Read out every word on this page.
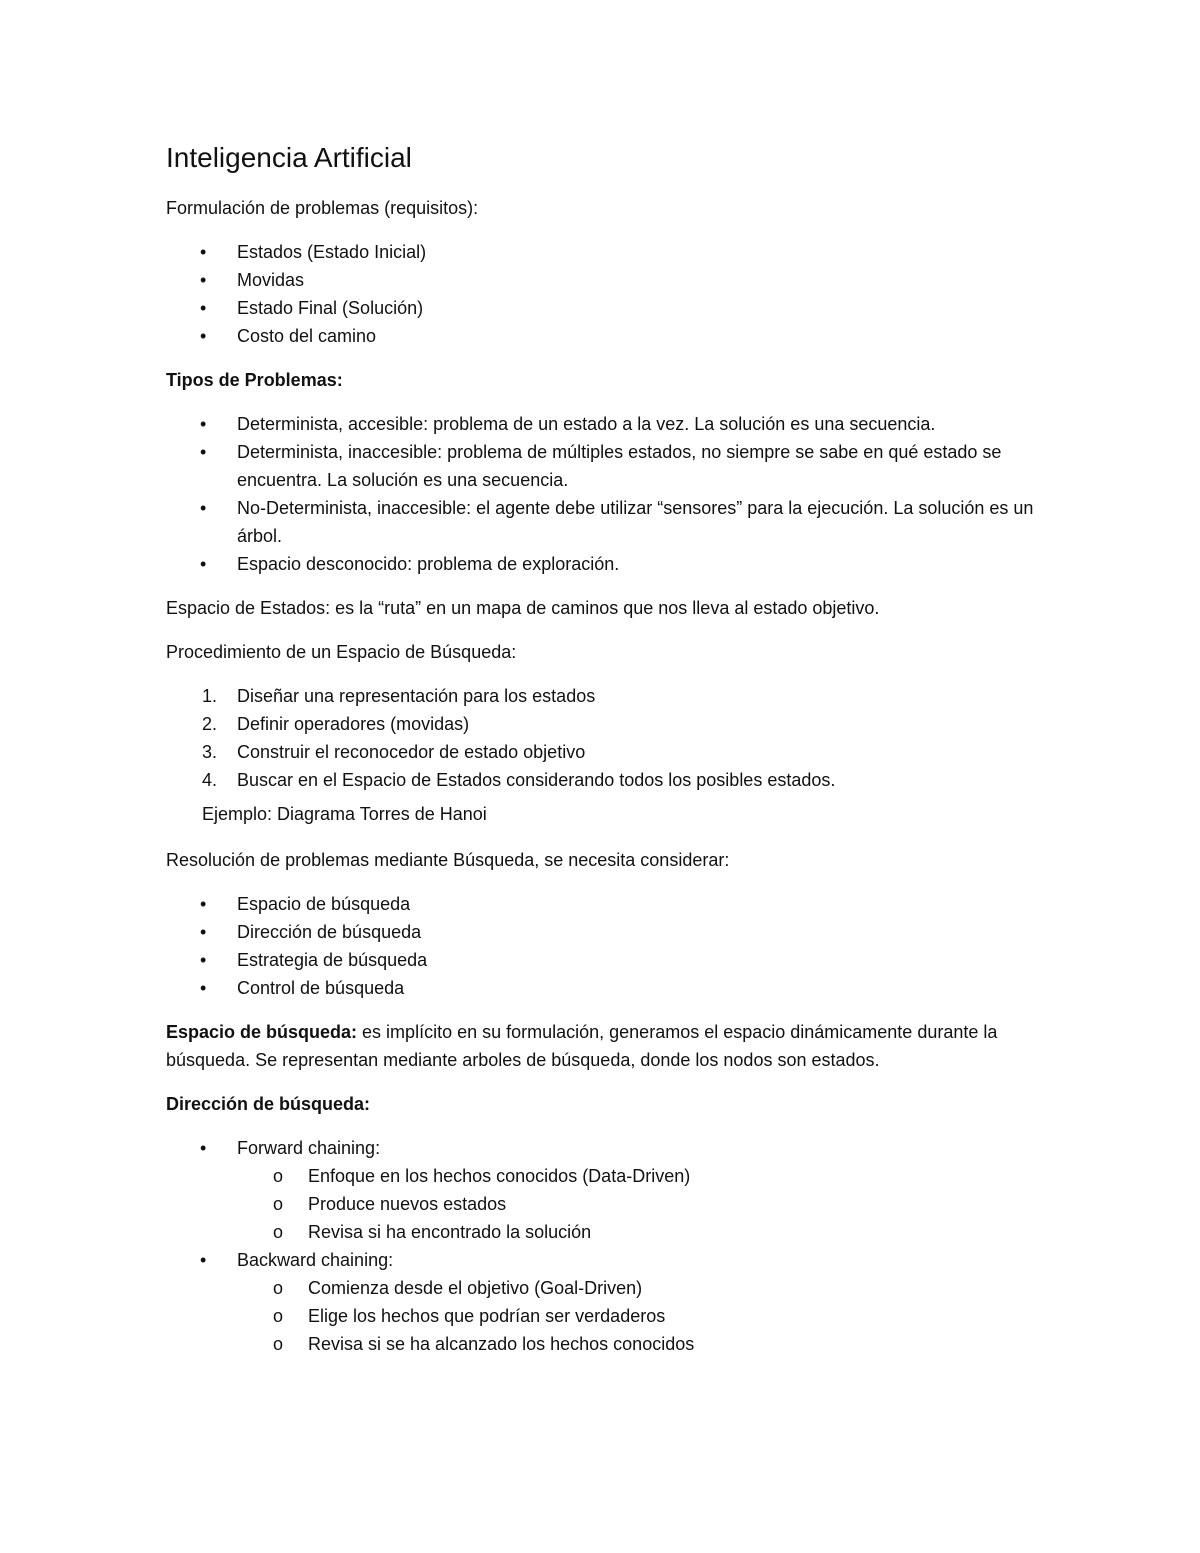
Inteligencia Artificial

Formulación de problemas (requisitos):

• Estados (Estado Inicial)
• Movidas
• Estado Final (Solución)
• Costo del camino

Tipos de Problemas:

• Determinista, accesible: problema de un estado a la vez. La solución es una secuencia.
• Determinista, inaccesible: problema de múltiples estados, no siempre se sabe en qué estado se encuentra. La solución es una secuencia.
• No-Determinista, inaccesible: el agente debe utilizar “sensores” para la ejecución. La solución es un árbol.
• Espacio desconocido: problema de exploración.

Espacio de Estados: es la “ruta” en un mapa de caminos que nos lleva al estado objetivo.

Procedimiento de un Espacio de Búsqueda:

1. Diseñar una representación para los estados
2. Definir operadores (movidas)
3. Construir el reconocedor de estado objetivo
4. Buscar en el Espacio de Estados considerando todos los posibles estados.

Ejemplo: Diagrama Torres de Hanoi

Resolución de problemas mediante Búsqueda, se necesita considerar:

• Espacio de búsqueda
• Dirección de búsqueda
• Estrategia de búsqueda
• Control de búsqueda

Espacio de búsqueda: es implícito en su formulación, generamos el espacio dinámicamente durante la búsqueda. Se representan mediante arboles de búsqueda, donde los nodos son estados.

Dirección de búsqueda:

• Forward chaining:
o Enfoque en los hechos conocidos (Data-Driven)
o Produce nuevos estados
o Revisa si ha encontrado la solución
• Backward chaining:
o Comienza desde el objetivo (Goal-Driven)
o Elige los hechos que podrían ser verdaderos
o Revisa si se ha alcanzado los hechos conocidos
